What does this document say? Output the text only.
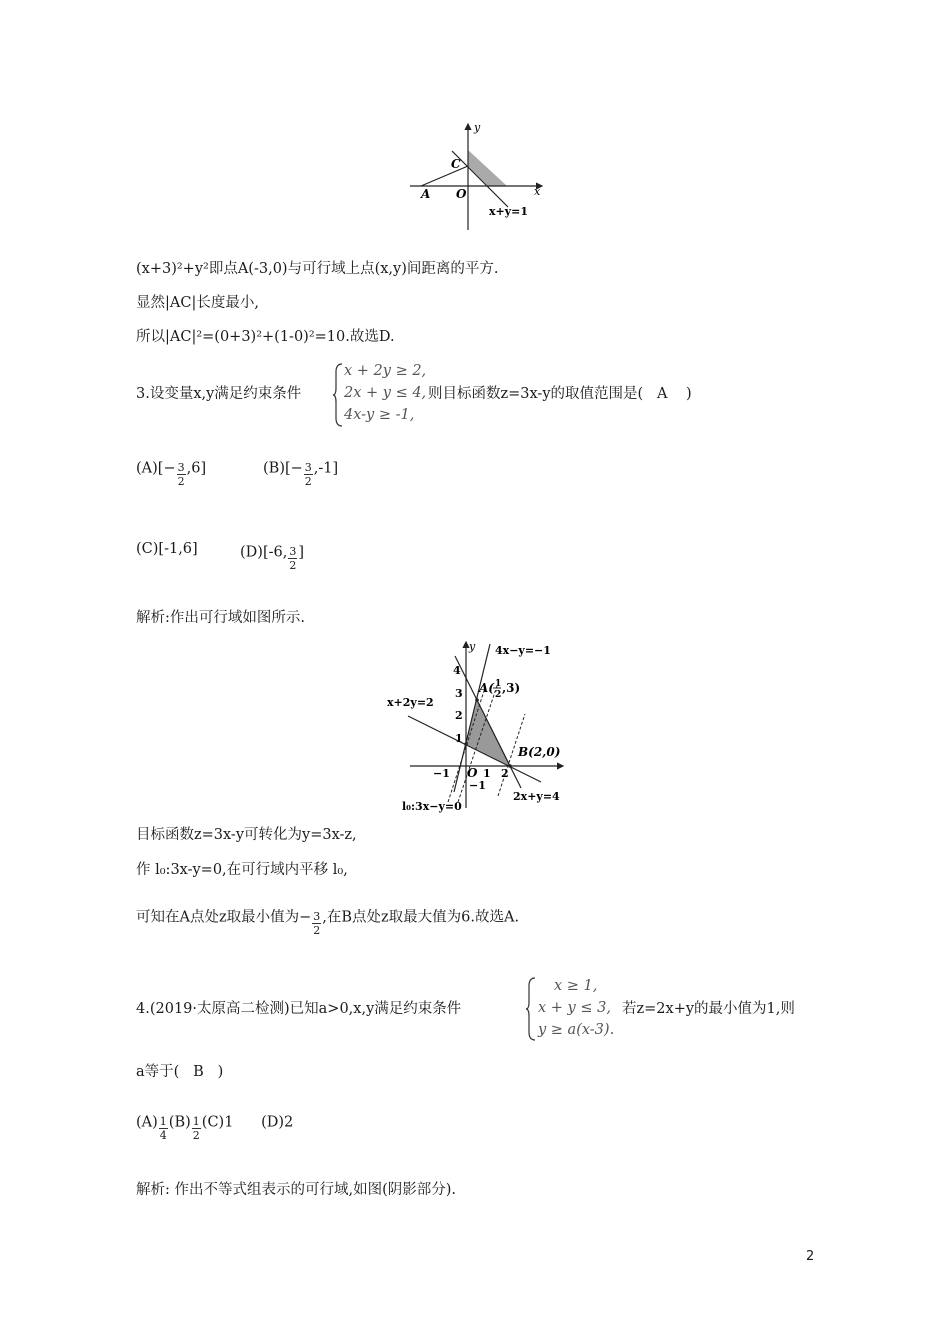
y
x
C
A O
x+y=1
(x+3)²+y²即点A(-3,0)与可行域上点(x,y)间距离的平方.
显然|AC|长度最小,
所以|AC|²=(0+3)²+(1-0)²=10.故选D.
3.设变量x,y满足约束条件
x + 2y ≥ 2,
2x + y ≤ 4,
4x-y ≥ -1,
则目标函数z=3x-y的取值范围是( A )
$(A)[- \frac{3}{2} ,6]$	$(B)[- \frac{3}{2} ,-1]$
(C)[-1,6]	(D)[-6, $\frac{3}{2}$ ]
解析:作出可行域如图所示.
y 4x−y=−1
x+2y=2
2x+y=4
l₀:3x−y=0
A( 1
2 ,3)
B(2,0)
4
3
2
1
−1
O 1 2
−1
目标函数z=3x-y可转化为y=3x-z,
作 l₀:3x-y=0,在可行域内平移 l₀,
可知在A点处z取最小值为− $\frac{3}{2}$ ,在B点处z取最大值为6.故选A.
4.(2019·太原高二检测)已知a>0,x,y满足约束条件
x ≥ 1,
x + y ≤ 3,
y ≥ a(x-3).
若z=2x+y的最小值为1,则
a等于( B )
$(A) \frac{1}{4} (B) \frac{1}{2} (C)1$ (D)2
解析: 作出不等式组表示的可行域,如图(阴影部分).
2
